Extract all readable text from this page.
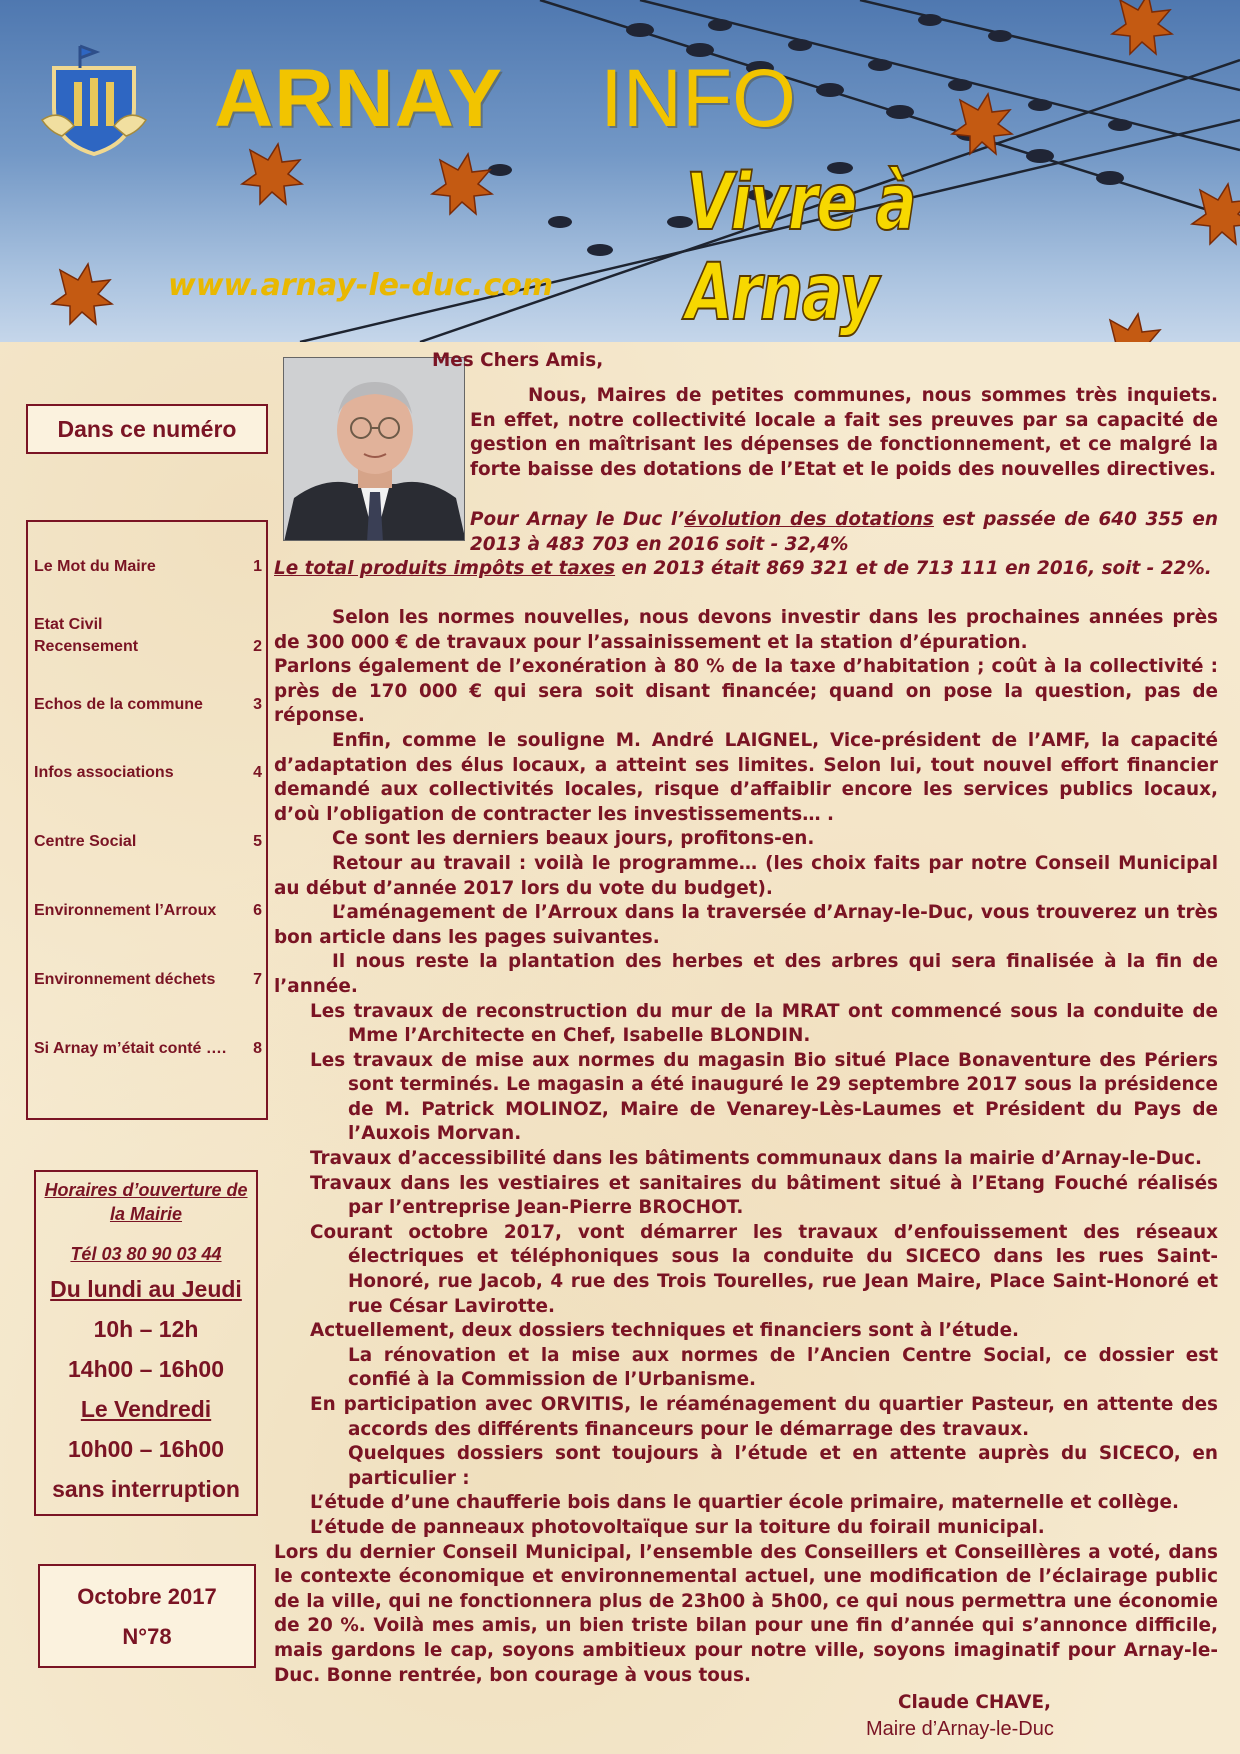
ARNAY INFO
Vivre à Arnay
www.arnay-le-duc.com
Dans ce numéro
Le Mot du Maire	1
Etat Civil
Recensement	2
Echos de la commune	3
Infos associations	4
Centre Social	5
Environnement l’Arroux 6
Environnement déchets 7
Si Arnay m’était conté …. 8
Horaires d’ouverture de la Mairie
Tél 03 80 90 03 44
Du lundi au Jeudi
10h – 12h
14h00 – 16h00
Le Vendredi
10h00 – 16h00
sans interruption
Octobre 2017
N°78
Mes Chers Amis,

Nous, Maires de petites communes, nous sommes très inquiets. En effet, notre collectivité locale a fait ses preuves par sa capacité de gestion en maîtrisant les dépenses de fonctionnement, et ce malgré la forte baisse des dotations de l’Etat et le poids des nouvelles directives.

Pour Arnay le Duc l’évolution des dotations est passée de 640 355 en 2013 à 483 703 en 2016 soit - 32,4%

Le total produits impôts et taxes en 2013 était 869 321 et de 713 111 en 2016, soit - 22%.

Selon les normes nouvelles, nous devons investir dans les prochaines années près de 300 000 € de travaux pour l’assainissement et la station d’épuration.

Parlons également de l’exonération à 80 % de la taxe d’habitation ; coût à la collectivité : près de 170 000 € qui sera soit disant financée; quand on pose la question, pas de réponse.

Enfin, comme le souligne M. André LAIGNEL, Vice-président de l’AMF, la capacité d’adaptation des élus locaux, a atteint ses limites. Selon lui, tout nouvel effort financier demandé aux collectivités locales, risque d’affaiblir encore les services publics locaux, d’où l’obligation de contracter les investissements… .

Ce sont les derniers beaux jours, profitons-en.

Retour au travail : voilà le programme… (les choix faits par notre Conseil Municipal au début d’année 2017 lors du vote du budget).

L’aménagement de l’Arroux dans la traversée d’Arnay-le-Duc, vous trouverez un très bon article dans les pages suivantes.

Il nous reste la plantation des herbes et des arbres qui sera finalisée à la fin de l’année.

Les travaux de reconstruction du mur de la MRAT ont commencé sous la conduite de Mme l’Architecte en Chef, Isabelle BLONDIN.

Les travaux de mise aux normes du magasin Bio situé Place Bonaventure des Périers sont terminés. Le magasin a été inauguré le 29 septembre 2017 sous la présidence de M. Patrick MOLINOZ, Maire de Venarey-Lès-Laumes et Président du Pays de l’Auxois Morvan.

Travaux d’accessibilité dans les bâtiments communaux dans la mairie d’Arnay-le-Duc.

Travaux dans les vestiaires et sanitaires du bâtiment situé à l’Etang Fouché réalisés par l’entreprise Jean-Pierre BROCHOT.

Courant octobre 2017, vont démarrer les travaux d’enfouissement des réseaux électriques et téléphoniques sous la conduite du SICECO dans les rues Saint-Honoré, rue Jacob, 4 rue des Trois Tourelles, rue Jean Maire, Place Saint-Honoré et rue César Lavirotte.

Actuellement, deux dossiers techniques et financiers sont à l’étude.

La rénovation et la mise aux normes de l’Ancien Centre Social, ce dossier est confié à la Commission de l’Urbanisme.

En participation avec ORVITIS, le réaménagement du quartier Pasteur, en attente des accords des différents financeurs pour le démarrage des travaux.

Quelques dossiers sont toujours à l’étude et en attente auprès du SICECO, en particulier :

L’étude d’une chaufferie bois dans le quartier école primaire, maternelle et collège.

L’étude de panneaux photovoltaïque sur la toiture du foirail municipal.

Lors du dernier Conseil Municipal, l’ensemble des Conseillers et Conseillères a voté, dans le contexte économique et environnemental actuel, une modification de l’éclairage public de la ville, qui ne fonctionnera plus de 23h00 à 5h00, ce qui nous permettra une économie de 20 %. Voilà mes amis, un bien triste bilan pour une fin d’année qui s’annonce difficile, mais gardons le cap, soyons ambitieux pour notre ville, soyons imaginatif pour Arnay-le-Duc. Bonne rentrée, bon courage à vous tous.

Claude CHAVE,
Maire d’Arnay-le-Duc
